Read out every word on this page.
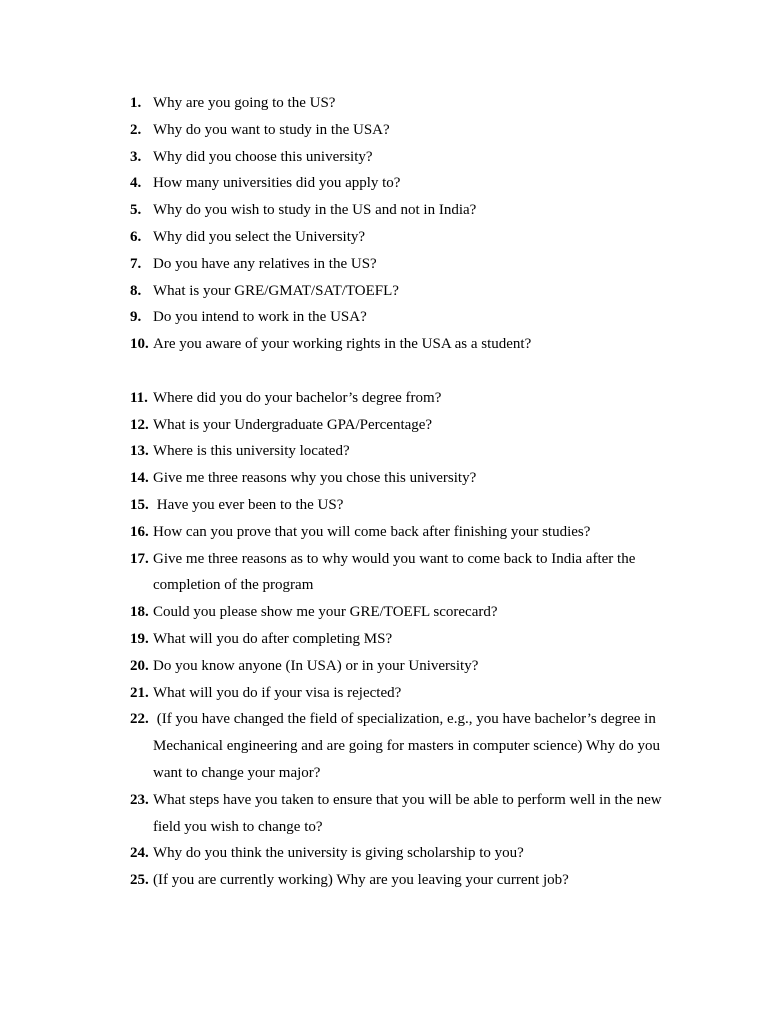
1. Why are you going to the US?
2. Why do you want to study in the USA?
3. Why did you choose this university?
4. How many universities did you apply to?
5. Why do you wish to study in the US and not in India?
6. Why did you select the University?
7. Do you have any relatives in the US?
8. What is your GRE/GMAT/SAT/TOEFL?
9. Do you intend to work in the USA?
10. Are you aware of your working rights in the USA as a student?
11. Where did you do your bachelor’s degree from?
12. What is your Undergraduate GPA/Percentage?
13. Where is this university located?
14. Give me three reasons why you chose this university?
15. Have you ever been to the US?
16. How can you prove that you will come back after finishing your studies?
17. Give me three reasons as to why would you want to come back to India after the completion of the program
18. Could you please show me your GRE/TOEFL scorecard?
19. What will you do after completing MS?
20. Do you know anyone (In USA) or in your University?
21. What will you do if your visa is rejected?
22. (If you have changed the field of specialization, e.g., you have bachelor’s degree in Mechanical engineering and are going for masters in computer science) Why do you want to change your major?
23. What steps have you taken to ensure that you will be able to perform well in the new field you wish to change to?
24. Why do you think the university is giving scholarship to you?
25. (If you are currently working) Why are you leaving your current job?
